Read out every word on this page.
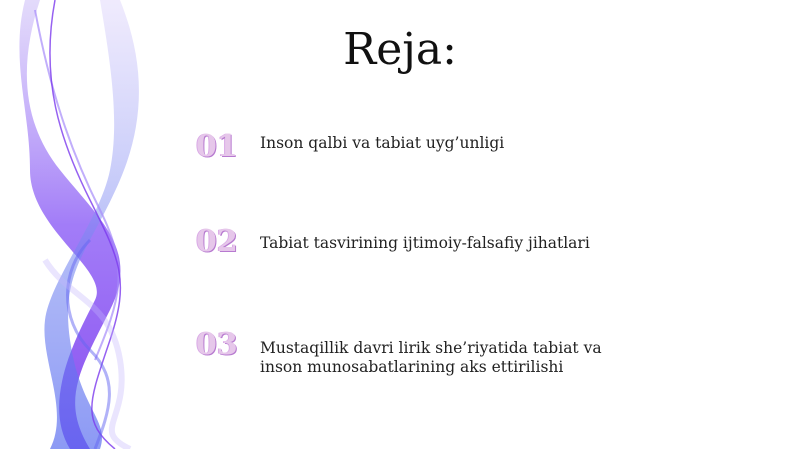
Reja:
01	Inson qalbi va tabiat uyg’unligi
02	Tabiat tasvirining ijtimoiy-falsafiy jihatlari
03	Mustaqillik davri lirik she’riyatida tabiat va inson munosabatlarining aks ettirilishi
